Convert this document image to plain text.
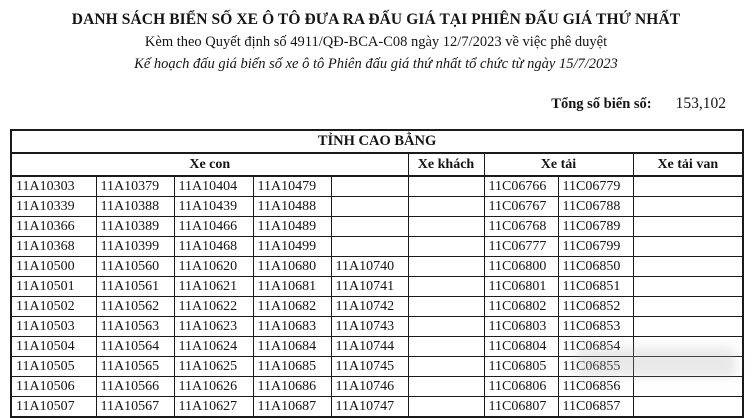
DANH SÁCH BIỂN SỐ XE Ô TÔ ĐƯA RA ĐẤU GIÁ TẠI PHIÊN ĐẤU GIÁ THỨ NHẤT

Kèm theo Quyết định số 4911/QĐ-BCA-C08 ngày 12/7/2023 về việc phê duyệt

Kế hoạch đấu giá biển số xe ô tô Phiên đấu giá thứ nhất tổ chức từ ngày 15/7/2023

Tổng số biển số: 153,102
TỈNH CAO BẰNG								
Xe con					Xe khách	Xe tải		Xe tải van
11A10303	11A10379	11A10404	11A10479			11C06766	11C06779	
11A10339	11A10388	11A10439	11A10488			11C06767	11C06788	
11A10366	11A10389	11A10466	11A10489			11C06768	11C06789	
11A10368	11A10399	11A10468	11A10499			11C06777	11C06799	
11A10500	11A10560	11A10620	11A10680	11A10740		11C06800	11C06850	
11A10501	11A10561	11A10621	11A10681	11A10741		11C06801	11C06851	
11A10502	11A10562	11A10622	11A10682	11A10742		11C06802	11C06852	
11A10503	11A10563	11A10623	11A10683	11A10743		11C06803	11C06853	
11A10504	11A10564	11A10624	11A10684	11A10744		11C06804	11C06854	
11A10505	11A10565	11A10625	11A10685	11A10745		11C06805	11C06855	
11A10506	11A10566	11A10626	11A10686	11A10746		11C06806	11C06856	
11A10507	11A10567	11A10627	11A10687	11A10747		11C06807	11C06857	
